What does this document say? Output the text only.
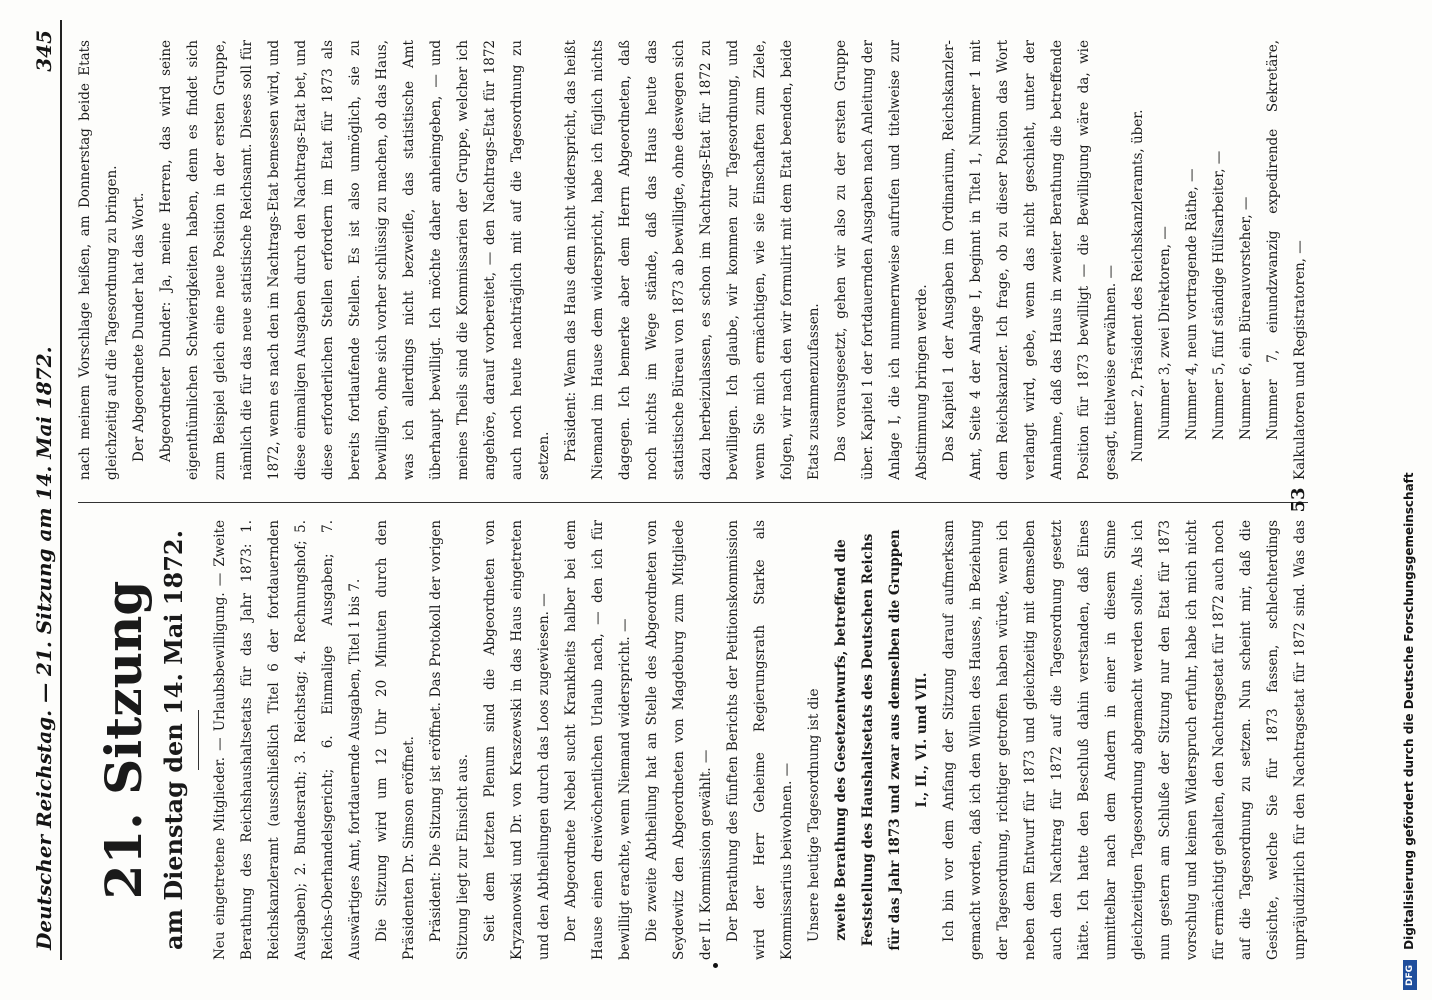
Deutscher Reichstag. — 21. Sitzung am 14. Mai 1872.
345

21. Sitzung am Dienstag den 14. Mai 1872.	Neu eingetretene Mitglieder. — Urlaubsbewilligung. — Zweite Berathung des Reichshaushaltsetats für das Jahr 1873: 1. Reichskanzleramt (ausschließlich Titel 6 der fortdauernden Ausgaben); 2. Bundesrath; 3. Reichstag; 4. Rechnungshof; 5. Reichs-Oberhandelsgericht; 6. Einmalige Ausgaben; 7. Auswärtiges Amt, fortdauernde Ausgaben, Titel 1 bis 7. Die Sitzung wird um 12 Uhr 20 Minuten durch den Präsidenten Dr. Simson eröffnet. Präsident: Die Sitzung ist eröffnet. Das Protokoll der vorigen Sitzung liegt zur Einsicht aus. Seit dem letzten Plenum sind die Abgeordneten von Kryzanowski und Dr. von Kraszewski in das Haus eingetreten und den Abtheilungen durch das Loos zugewiesen. — Der Abgeordnete Nebel sucht Krankheits halber bei dem Hause einen dreiwöchentlichen Urlaub nach, — den ich für bewilligt erachte, wenn Niemand widerspricht. — Die zweite Abtheilung hat an Stelle des Abgeordneten von Seydewitz den Abgeordneten von Magdeburg zum Mitgliede der II. Kommission gewählt. — Der Berathung des fünften Berichts der Petitionskommission wird der Herr Geheime Regierungsrath Starke als Kommissarius beiwohnen. — Unsere heutige Tagesordnung ist die zweite Berathung des Gesetzentwurfs, betreffend die Feststellung des Haushaltsetats des Deutschen Reichs für das Jahr 1873 und zwar aus demselben die Gruppen I., II., VI. und VII.

Ich bin vor dem Anfang der Sitzung darauf aufmerksam gemacht worden, daß ich den Willen des Hauses, in Beziehung der Tagesordnung, richtiger getroffen haben würde, wenn ich neben dem Entwurf für 1873 und gleichzeitig mit demselben auch den Nachtrag für 1872 auf die Tagesordnung gesetzt hätte. Ich hatte den Beschluß dahin verstanden, daß Eines unmittelbar nach dem Andern in einer in diesem Sinne gleichzeitigen Tagesordnung abgemacht werden sollte. Als ich nun gestern am Schluße der Sitzung nur den Etat für 1873 vorschlug und keinen Widerspruch erfuhr, habe ich mich nicht für ermächtigt gehalten, den Nachtragsetat für 1872 auch noch auf die Tagesordnung zu setzen. Nun scheint mir, daß die Gesichte, welche Sie für 1873 fassen, schlechterdings unpräjudizirlich für den Nachtragsetat für 1872 sind. Was das

nach meinem Vorschlage heißen, am Donnerstag beide Etats gleichzeitig auf die Tagesordnung zu bringen. Der Abgeordnete Dunder hat das Wort. Abgeordneter Dunder: Ja, meine Herren, das wird seine eigenthümlichen Schwierigkeiten haben, denn es findet sich zum Beispiel gleich eine neue Position in der ersten Gruppe, nämlich die für das neue statistische Reichsamt. Dieses soll für 1872, wenn es nach den im Nachtrags-Etat bemessen wird, und diese einmaligen Ausgaben durch den Nachtrags-Etat bet, und diese erforderlichen Stellen erfordern im Etat für 1873 als bereits fortlaufende Stellen. Es ist also unmöglich, sie zu bewilligen, ohne sich vorher schlüssig zu machen, ob das Haus, was ich allerdings nicht bezweifle, das statistische Amt überhaupt bewilligt. Ich möchte daher anheimgeben, — und meines Theils sind die Kommissarien der Gruppe, welcher ich angehöre, darauf vorbereitet, — den Nachtrags-Etat für 1872 auch noch heute nachträglich mit auf die Tagesordnung zu setzen. Präsident: Wenn das Haus dem nicht widerspricht, das heißt Niemand im Hause dem widerspricht, habe ich füglich nichts dagegen. Ich bemerke aber dem Herrn Abgeordneten, daß noch nichts im Wege stände, daß das Haus heute das statistische Büreau von 1873 ab bewilligte, ohne deswegen sich dazu herbeizulassen, es schon im Nachtrags-Etat für 1872 zu bewilligen. Ich glaube, wir kommen zur Tagesordnung, und wenn Sie mich ermächtigen, wie sie Einschaften zum Ziele, folgen, wir nach den wir formulirt mit dem Etat beenden, beide Etats zusammenzufassen. Das vorausgesetzt, gehen wir also zu der ersten Gruppe über. Kapitel 1 der fortdauernden Ausgaben nach Anleitung der Anlage I, die ich nummernweise aufrufen und titelweise zur Abstimmung bringen werde. Das Kapitel 1 der Ausgaben im Ordinarium, Reichskanzler-Amt, Seite 4 der Anlage I, beginnt in Titel 1, Nummer 1 mit dem Reichskanzler. Ich frage, ob zu dieser Position das Wort verlangt wird, gebe, wenn das nicht geschieht, unter der Annahme, daß das Haus in zweiter Berathung die betreffende Position für 1873 bewilligt — die Bewilligung wäre da, wie gesagt, titelweise erwähnen. — Nummer 2, Präsident des Reichskanzleramts, über. Nummer 3, zwei Direktoren, — Nummer 4, neun vortragende Räthe, — Nummer 5, fünf ständige Hülfsarbeiter, — Nummer 6, ein Büreauvorsteher, — Nummer 7, einundzwanzig expedirende Sekretäre, Kalkulatoren und Registratoren, —

53
DFG	Digitalisierung gefördert durch die Deutsche Forschungsgemeinschaft
